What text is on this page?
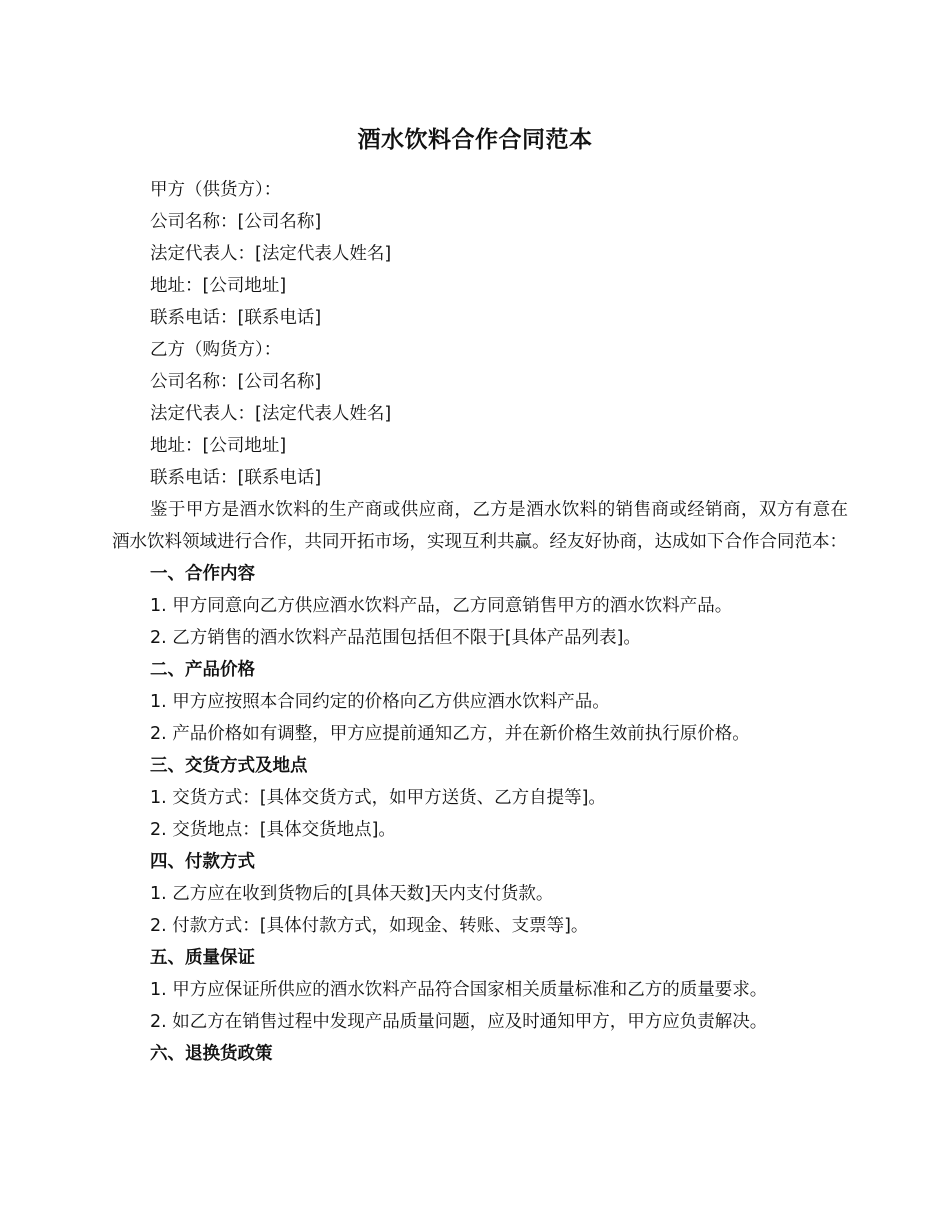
酒水饮料合作合同范本

甲方（供货方）：

公司名称：[公司名称]

法定代表人：[法定代表人姓名]

地址：[公司地址]

联系电话：[联系电话]

乙方（购货方）：

公司名称：[公司名称]

法定代表人：[法定代表人姓名]

地址：[公司地址]

联系电话：[联系电话]

鉴于甲方是酒水饮料的生产商或供应商，乙方是酒水饮料的销售商或经销商，双方有意在酒水饮料领域进行合作，共同开拓市场，实现互利共赢。经友好协商，达成如下合作合同范本：

一、合作内容

1. 甲方同意向乙方供应酒水饮料产品，乙方同意销售甲方的酒水饮料产品。

2. 乙方销售的酒水饮料产品范围包括但不限于[具体产品列表]。

二、产品价格

1. 甲方应按照本合同约定的价格向乙方供应酒水饮料产品。

2. 产品价格如有调整，甲方应提前通知乙方，并在新价格生效前执行原价格。

三、交货方式及地点

1. 交货方式：[具体交货方式，如甲方送货、乙方自提等]。

2. 交货地点：[具体交货地点]。

四、付款方式

1. 乙方应在收到货物后的[具体天数]天内支付货款。

2. 付款方式：[具体付款方式，如现金、转账、支票等]。

五、质量保证

1. 甲方应保证所供应的酒水饮料产品符合国家相关质量标准和乙方的质量要求。

2. 如乙方在销售过程中发现产品质量问题，应及时通知甲方，甲方应负责解决。

六、退换货政策
